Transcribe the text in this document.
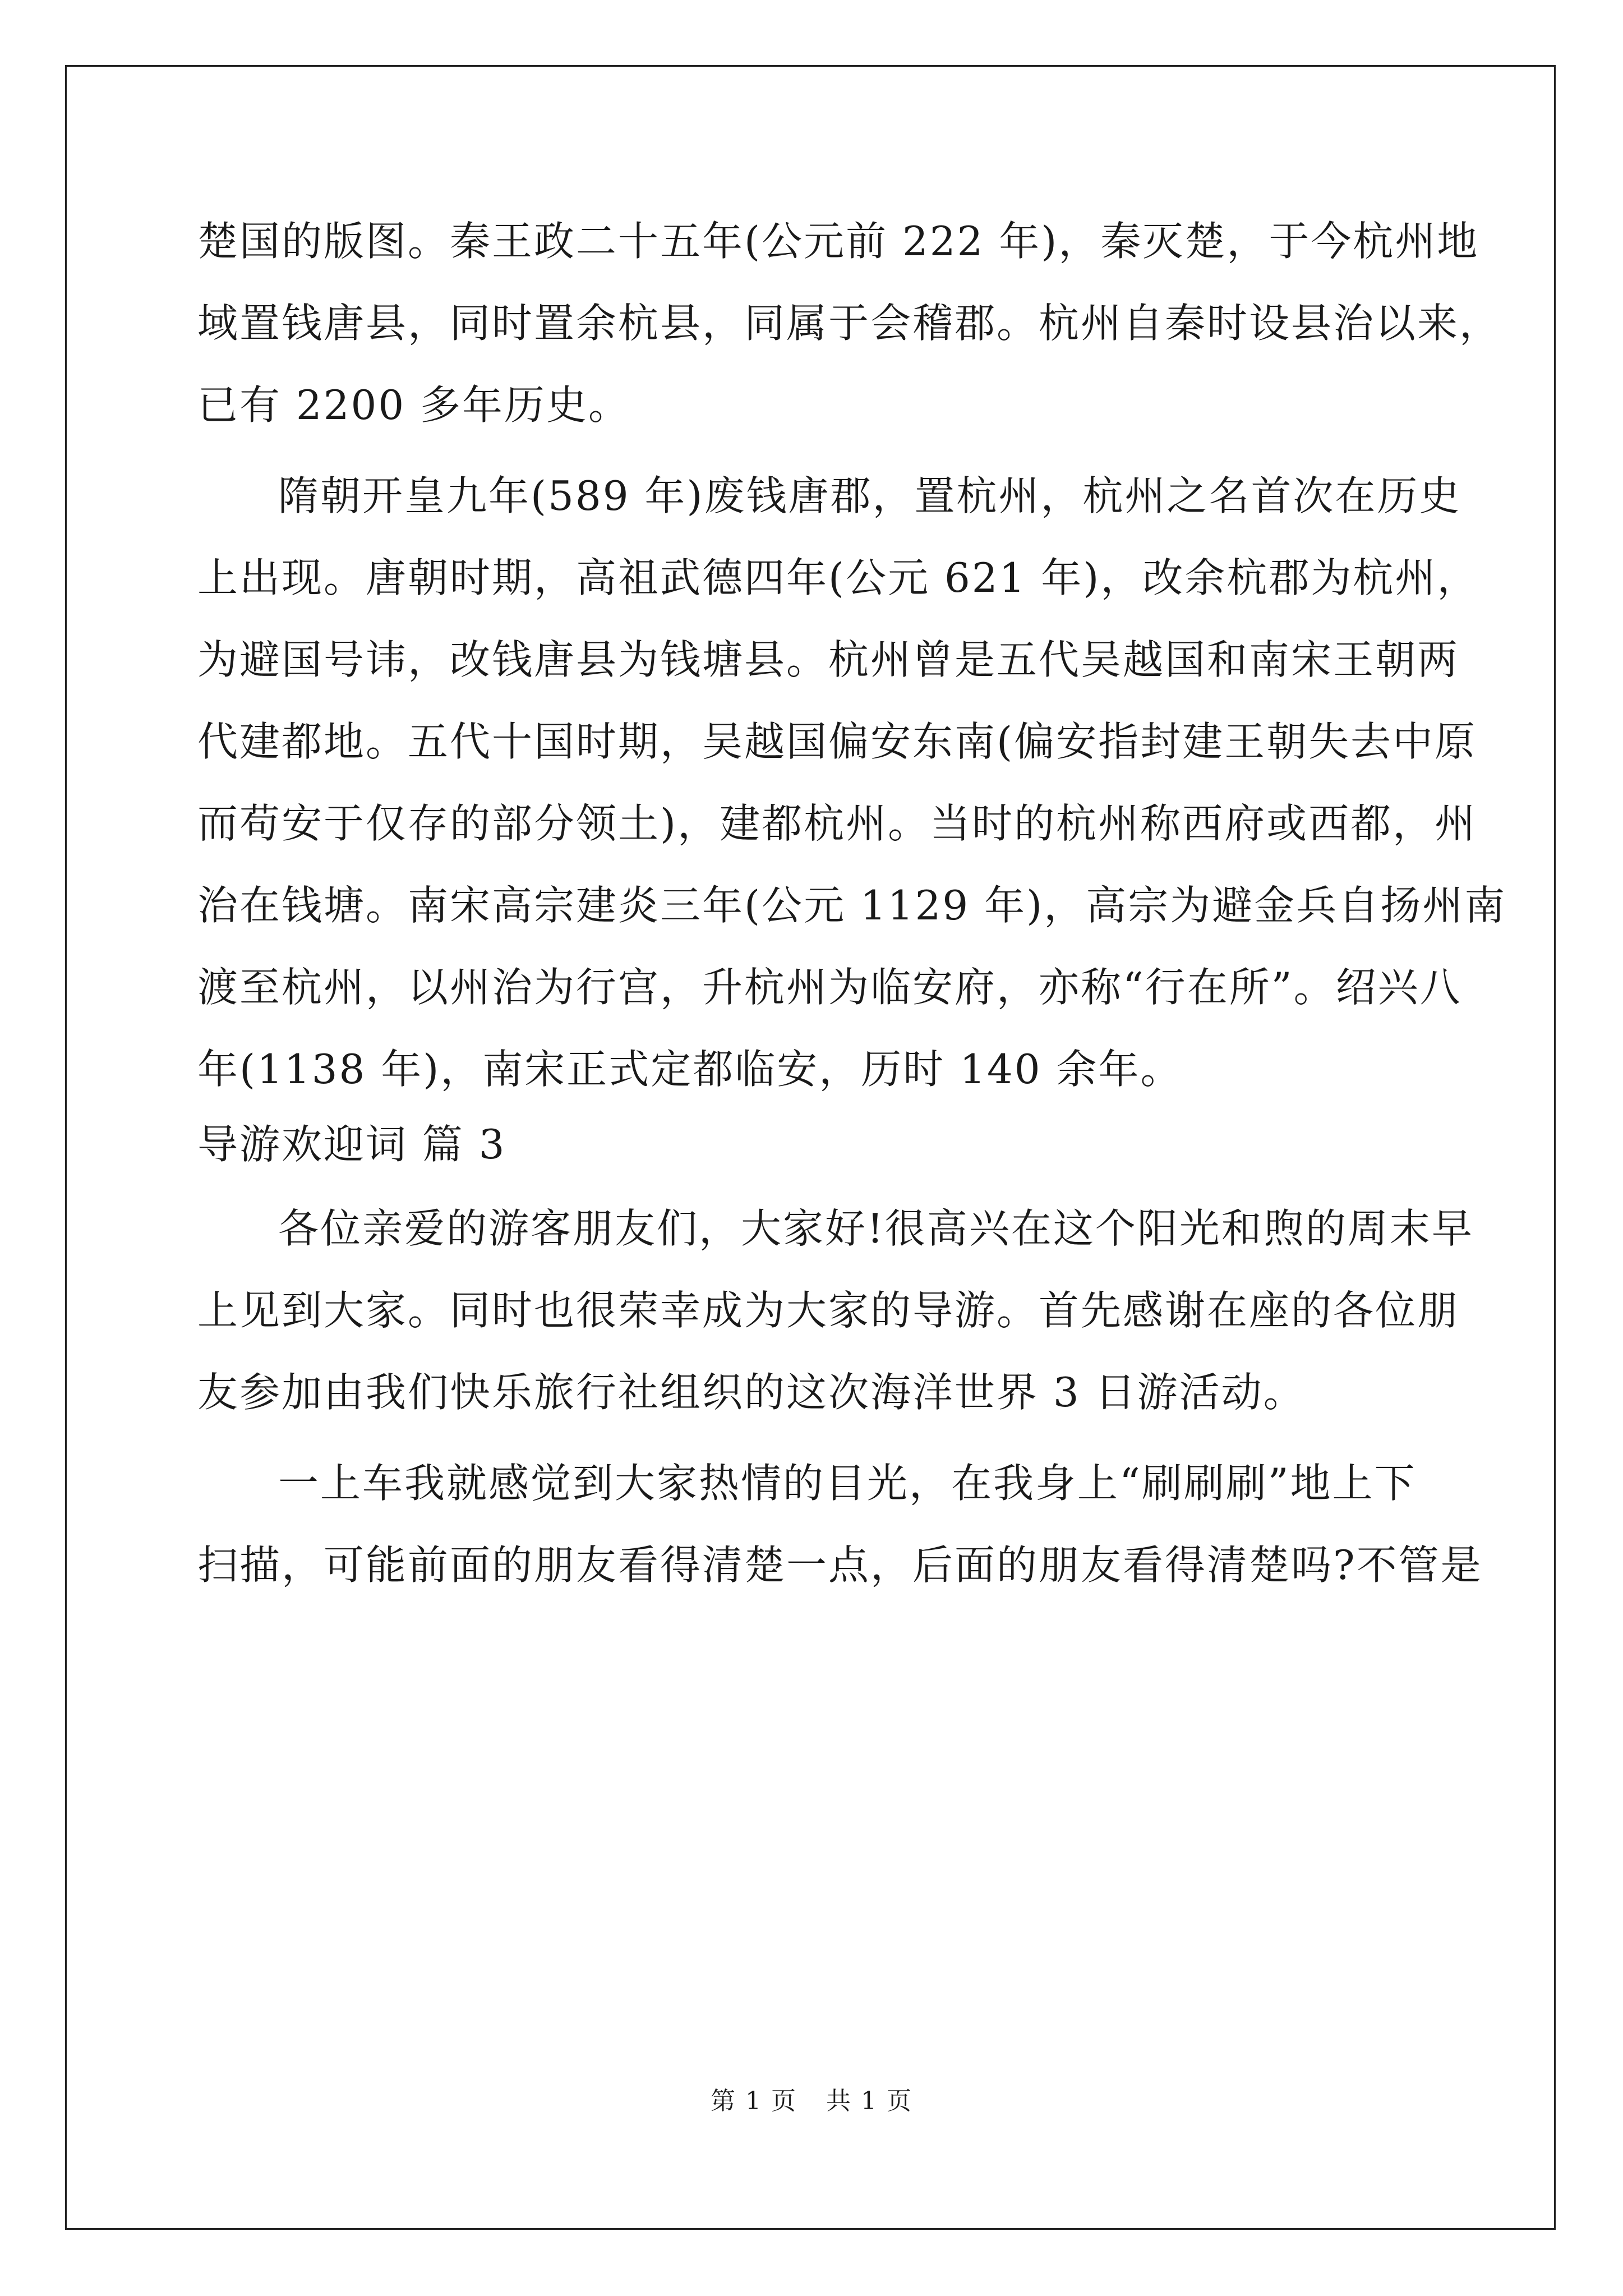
楚国的版图。秦王政二十五年(公元前 222 年)，秦灭楚，于今杭州地
域置钱唐县，同时置余杭县，同属于会稽郡。杭州自秦时设县治以来，
已有 2200 多年历史。
隋朝开皇九年(589 年)废钱唐郡，置杭州，杭州之名首次在历史
上出现。唐朝时期，高祖武德四年(公元 621 年)，改余杭郡为杭州，
为避国号讳，改钱唐县为钱塘县。杭州曾是五代吴越国和南宋王朝两
代建都地。五代十国时期，吴越国偏安东南(偏安指封建王朝失去中原
而苟安于仅存的部分领土)，建都杭州。当时的杭州称西府或西都，州
治在钱塘。南宋高宗建炎三年(公元 1129 年)，高宗为避金兵自扬州南
渡至杭州，以州治为行宫，升杭州为临安府，亦称“行在所”。绍兴八
年(1138 年)，南宋正式定都临安，历时 140 余年。
导游欢迎词 篇 3
各位亲爱的游客朋友们，大家好!很高兴在这个阳光和煦的周末早
上见到大家。同时也很荣幸成为大家的导游。首先感谢在座的各位朋
友参加由我们快乐旅行社组织的这次海洋世界 3 日游活动。
一上车我就感觉到大家热情的目光，在我身上“刷刷刷”地上下
扫描，可能前面的朋友看得清楚一点，后面的朋友看得清楚吗?不管是
第 1 页 共 1 页
